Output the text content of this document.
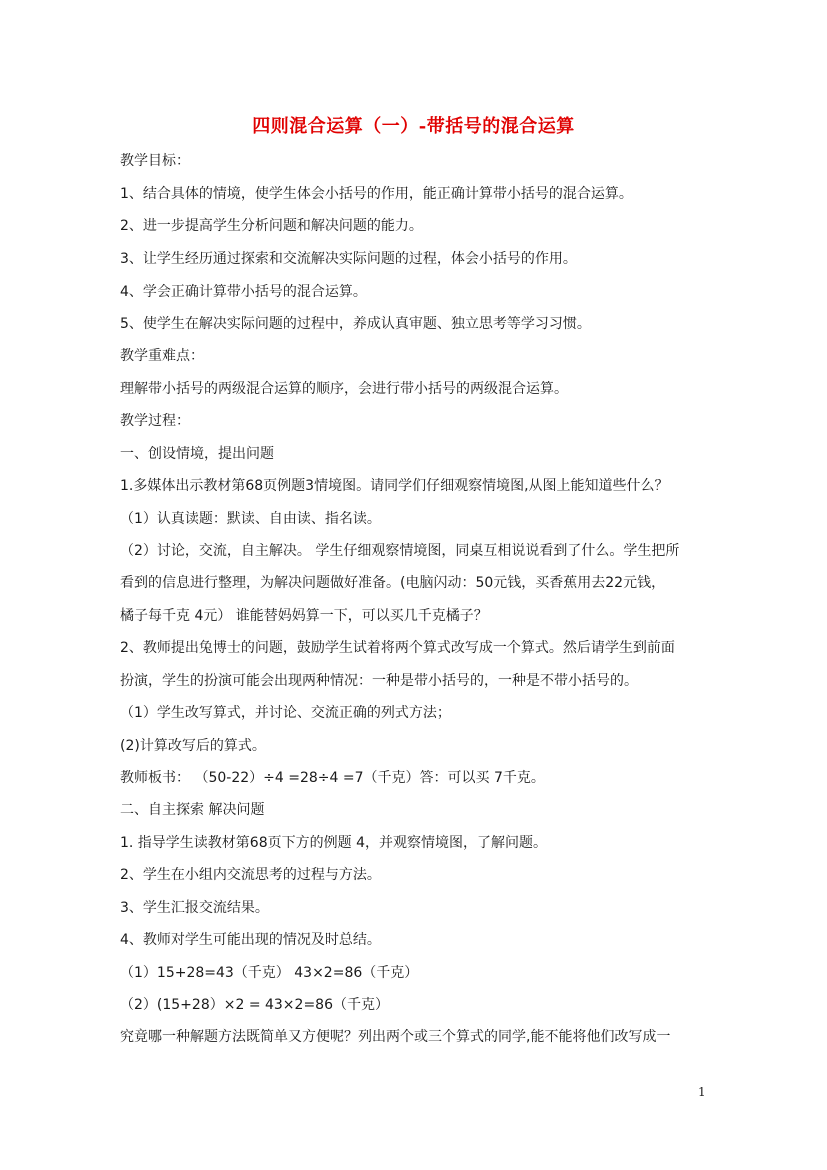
四则混合运算（一）-带括号的混合运算
教学目标：
1、结合具体的情境，使学生体会小括号的作用，能正确计算带小括号的混合运算。
2、进一步提高学生分析问题和解决问题的能力。
3、让学生经历通过探索和交流解决实际问题的过程，体会小括号的作用。
4、学会正确计算带小括号的混合运算。
5、使学生在解决实际问题的过程中，养成认真审题、独立思考等学习习惯。
教学重难点：
理解带小括号的两级混合运算的顺序，会进行带小括号的两级混合运算。
教学过程：
一、创设情境，提出问题
1.多媒体出示教材第68页例题3情境图。请同学们仔细观察情境图,从图上能知道些什么？
（1）认真读题：默读、自由读、指名读。
（2）讨论，交流，自主解决。 学生仔细观察情境图，同桌互相说说看到了什么。学生把所
看到的信息进行整理，为解决问题做好准备。(电脑闪动：50元钱，买香蕉用去22元钱，
橘子每千克 4元） 谁能替妈妈算一下，可以买几千克橘子？
2、教师提出兔博士的问题，鼓励学生试着将两个算式改写成一个算式。然后请学生到前面
扮演，学生的扮演可能会出现两种情况：一种是带小括号的，一种是不带小括号的。
（1）学生改写算式，并讨论、交流正确的列式方法；
(2)计算改写后的算式。
教师板书： （50-22）÷4 =28÷4 =7（千克）答：可以买 7千克。
二、自主探索 解决问题
1. 指导学生读教材第68页下方的例题 4，并观察情境图，了解问题。
2、学生在小组内交流思考的过程与方法。
3、学生汇报交流结果。
4、教师对学生可能出现的情况及时总结。
（1）15+28=43（千克） 43×2=86（千克）
（2）(15+28）×2 = 43×2=86（千克）
究竟哪一种解题方法既简单又方便呢？列出两个或三个算式的同学,能不能将他们改写成一
1
